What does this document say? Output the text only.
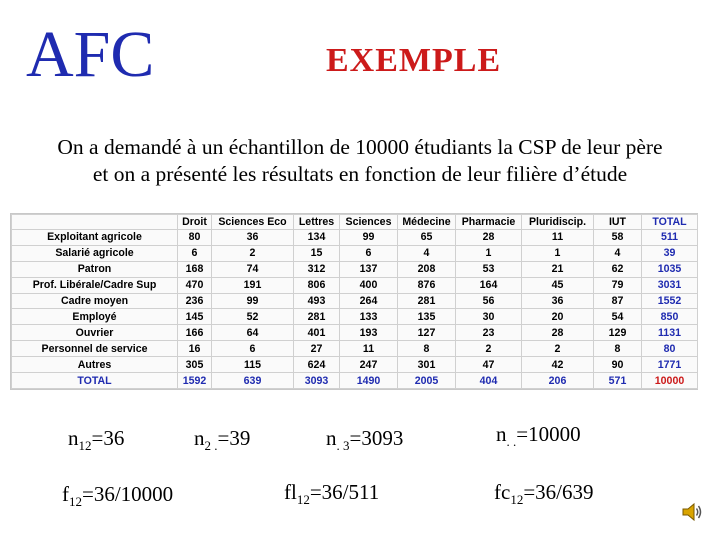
AFC	EXEMPLE
On a demandé à un échantillon de 10000 étudiants la CSP de leur père
et on a présenté les résultats en fonction de leur filière d’étude
	Droit	Sciences Eco	Lettres	Sciences	Médecine	Pharmacie	Pluridiscip.	IUT	TOTAL
Exploitant agricole	80	36	134	99	65	28	11	58	511
Salarié agricole	6	2	15	6	4	1	1	4	39
Patron	168	74	312	137	208	53	21	62	1035
Prof. Libérale/Cadre Sup	470	191	806	400	876	164	45	79	3031
Cadre moyen	236	99	493	264	281	56	36	87	1552
Employé	145	52	281	133	135	30	20	54	850
Ouvrier	166	64	401	193	127	23	28	129	1131
Personnel de service	16	6	27	11	8	2	2	8	80
Autres	305	115	624	247	301	47	42	90	1771
TOTAL	1592	639	3093	1490	2005	404	206	571	10000
$n_{12}=36$	$n_{2 .}=39$	$n_{. 3}=3093$	$n_{. .}=10000$
$f_{12}=36/10000$	$fl_{12}=36/511$	$fc_{12}=36/639$
